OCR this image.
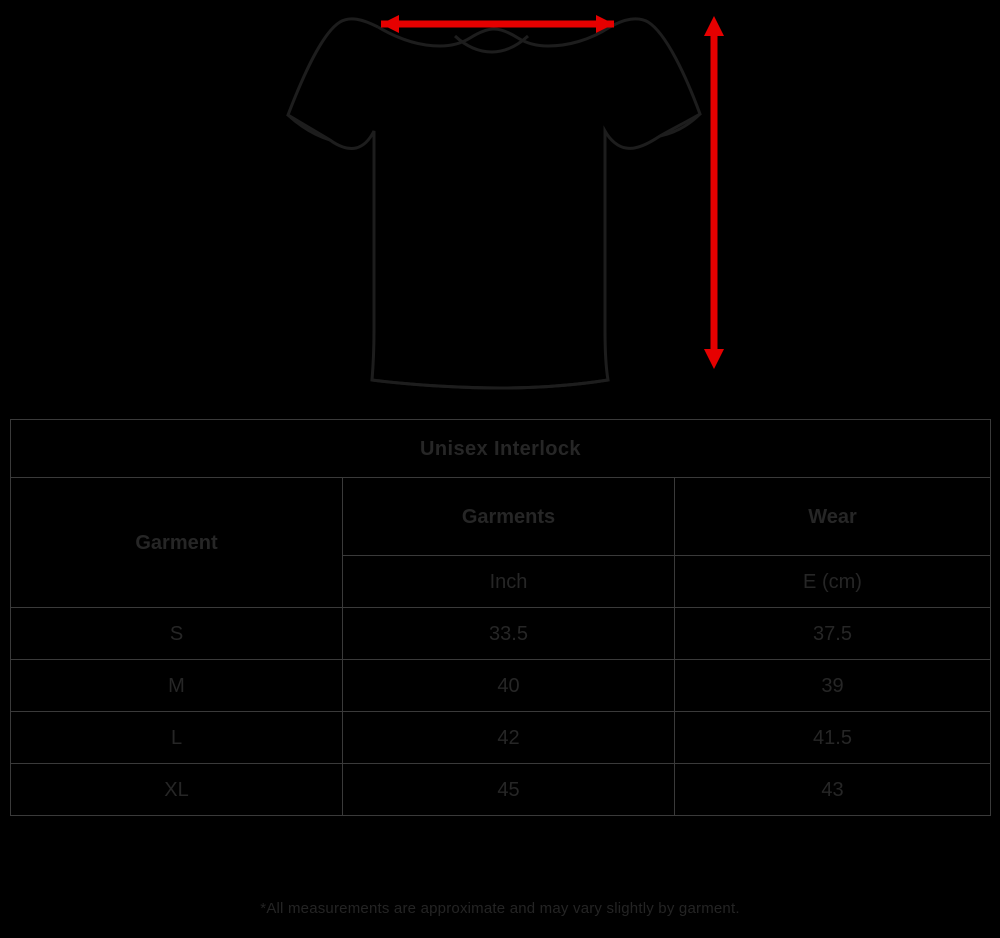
Unisex Interlock		
Garment	Garments	Wear
	Inch	E (cm)
S	33.5	37.5
M	40	39
L	42	41.5
XL	45	43
*All measurements are approximate and may vary slightly by garment.
